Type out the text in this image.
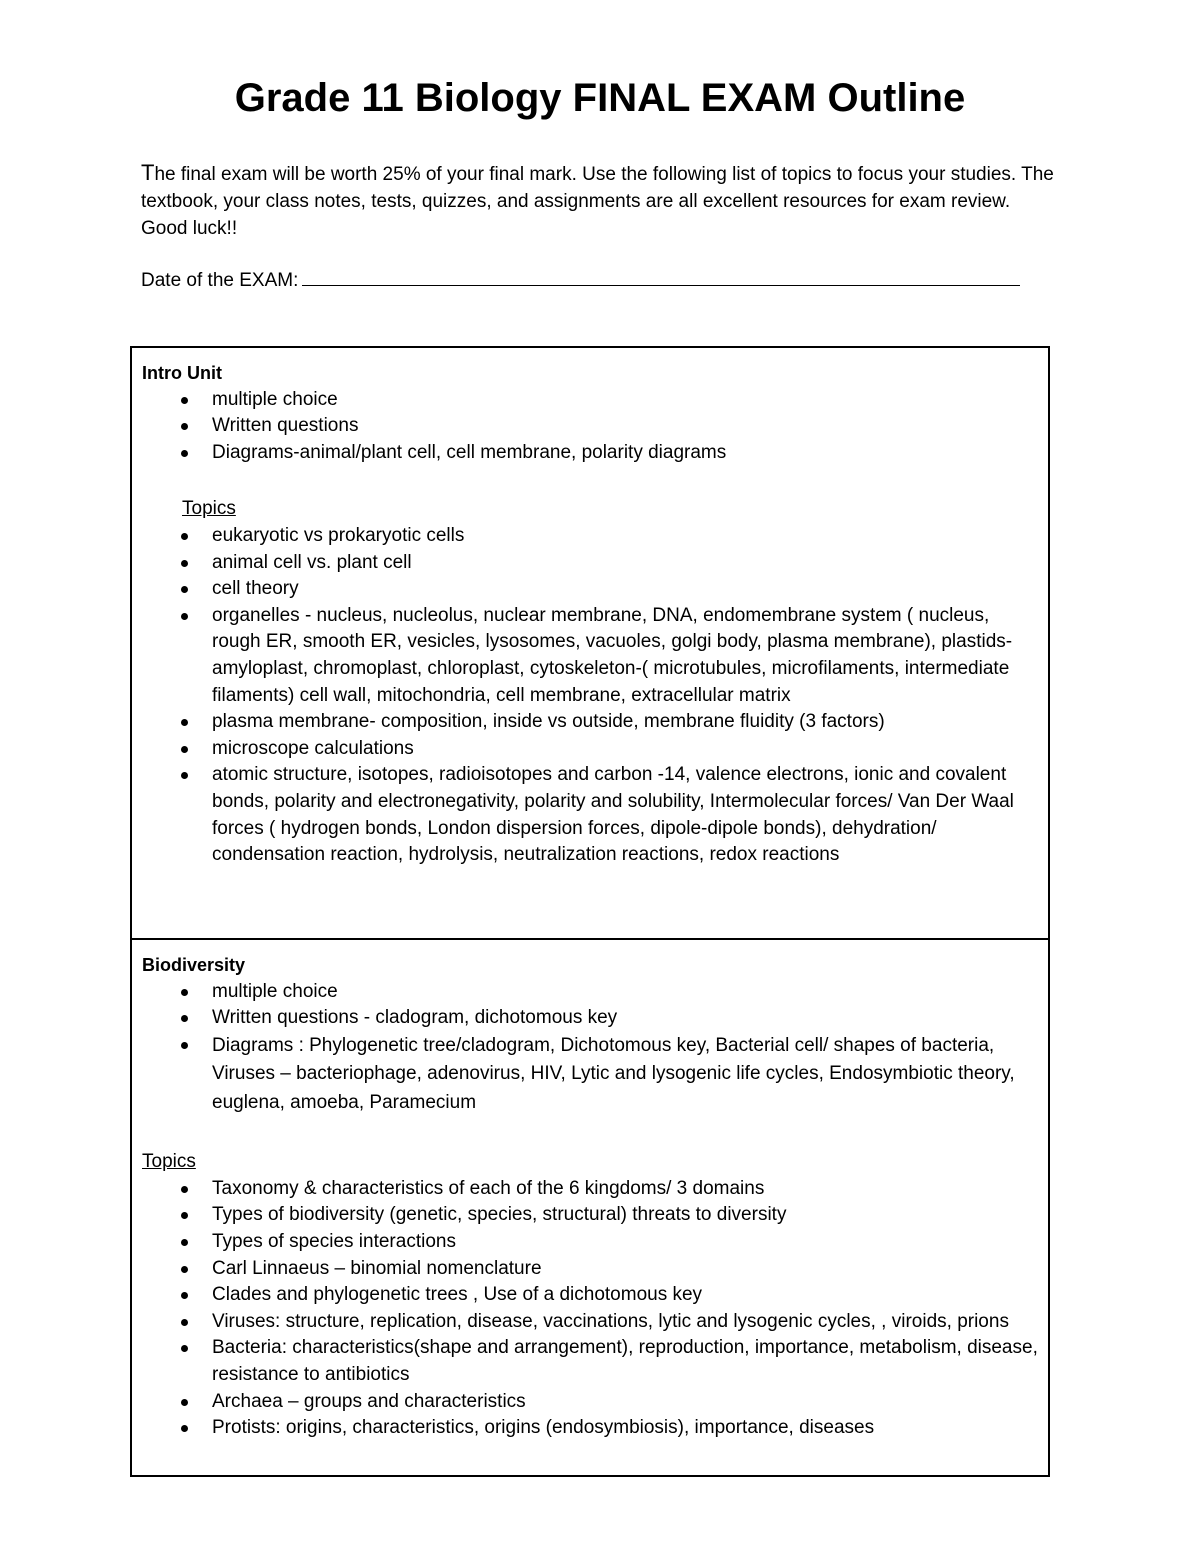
Grade 11 Biology FINAL EXAM Outline

The final exam will be worth 25% of your final mark. Use the following list of topics to focus your studies. The textbook, your class notes, tests, quizzes, and assignments are all excellent resources for exam review. Good luck!!

Date of the EXAM:
Intro Unit
multiple choice
Written questions
Diagrams-animal/plant cell, cell membrane, polarity diagrams
Topics
eukaryotic vs prokaryotic cells
animal cell vs. plant cell
cell theory
organelles - nucleus, nucleolus, nuclear membrane, DNA, endomembrane system ( nucleus, rough ER, smooth ER, vesicles, lysosomes, vacuoles, golgi body, plasma membrane), plastids- amyloplast, chromoplast, chloroplast, cytoskeleton-( microtubules, microfilaments, intermediate filaments) cell wall, mitochondria, cell membrane, extracellular matrix
plasma membrane- composition, inside vs outside, membrane fluidity (3 factors)
microscope calculations
atomic structure, isotopes, radioisotopes and carbon -14, valence electrons, ionic and covalent bonds, polarity and electronegativity, polarity and solubility, Intermolecular forces/ Van Der Waal forces ( hydrogen bonds, London dispersion forces, dipole-dipole bonds), dehydration/ condensation reaction, hydrolysis, neutralization reactions, redox reactions

Biodiversity
multiple choice
Written questions - cladogram, dichotomous key
Diagrams : Phylogenetic tree/cladogram, Dichotomous key, Bacterial cell/ shapes of bacteria, Viruses – bacteriophage, adenovirus, HIV, Lytic and lysogenic life cycles, Endosymbiotic theory, euglena, amoeba, Paramecium
Topics
Taxonomy & characteristics of each of the 6 kingdoms/ 3 domains
Types of biodiversity (genetic, species, structural) threats to diversity
Types of species interactions
Carl Linnaeus – binomial nomenclature
Clades and phylogenetic trees , Use of a dichotomous key
Viruses: structure, replication, disease, vaccinations, lytic and lysogenic cycles, , viroids, prions
Bacteria: characteristics(shape and arrangement), reproduction, importance, metabolism, disease, resistance to antibiotics
Archaea – groups and characteristics
Protists: origins, characteristics, origins (endosymbiosis), importance, diseases
